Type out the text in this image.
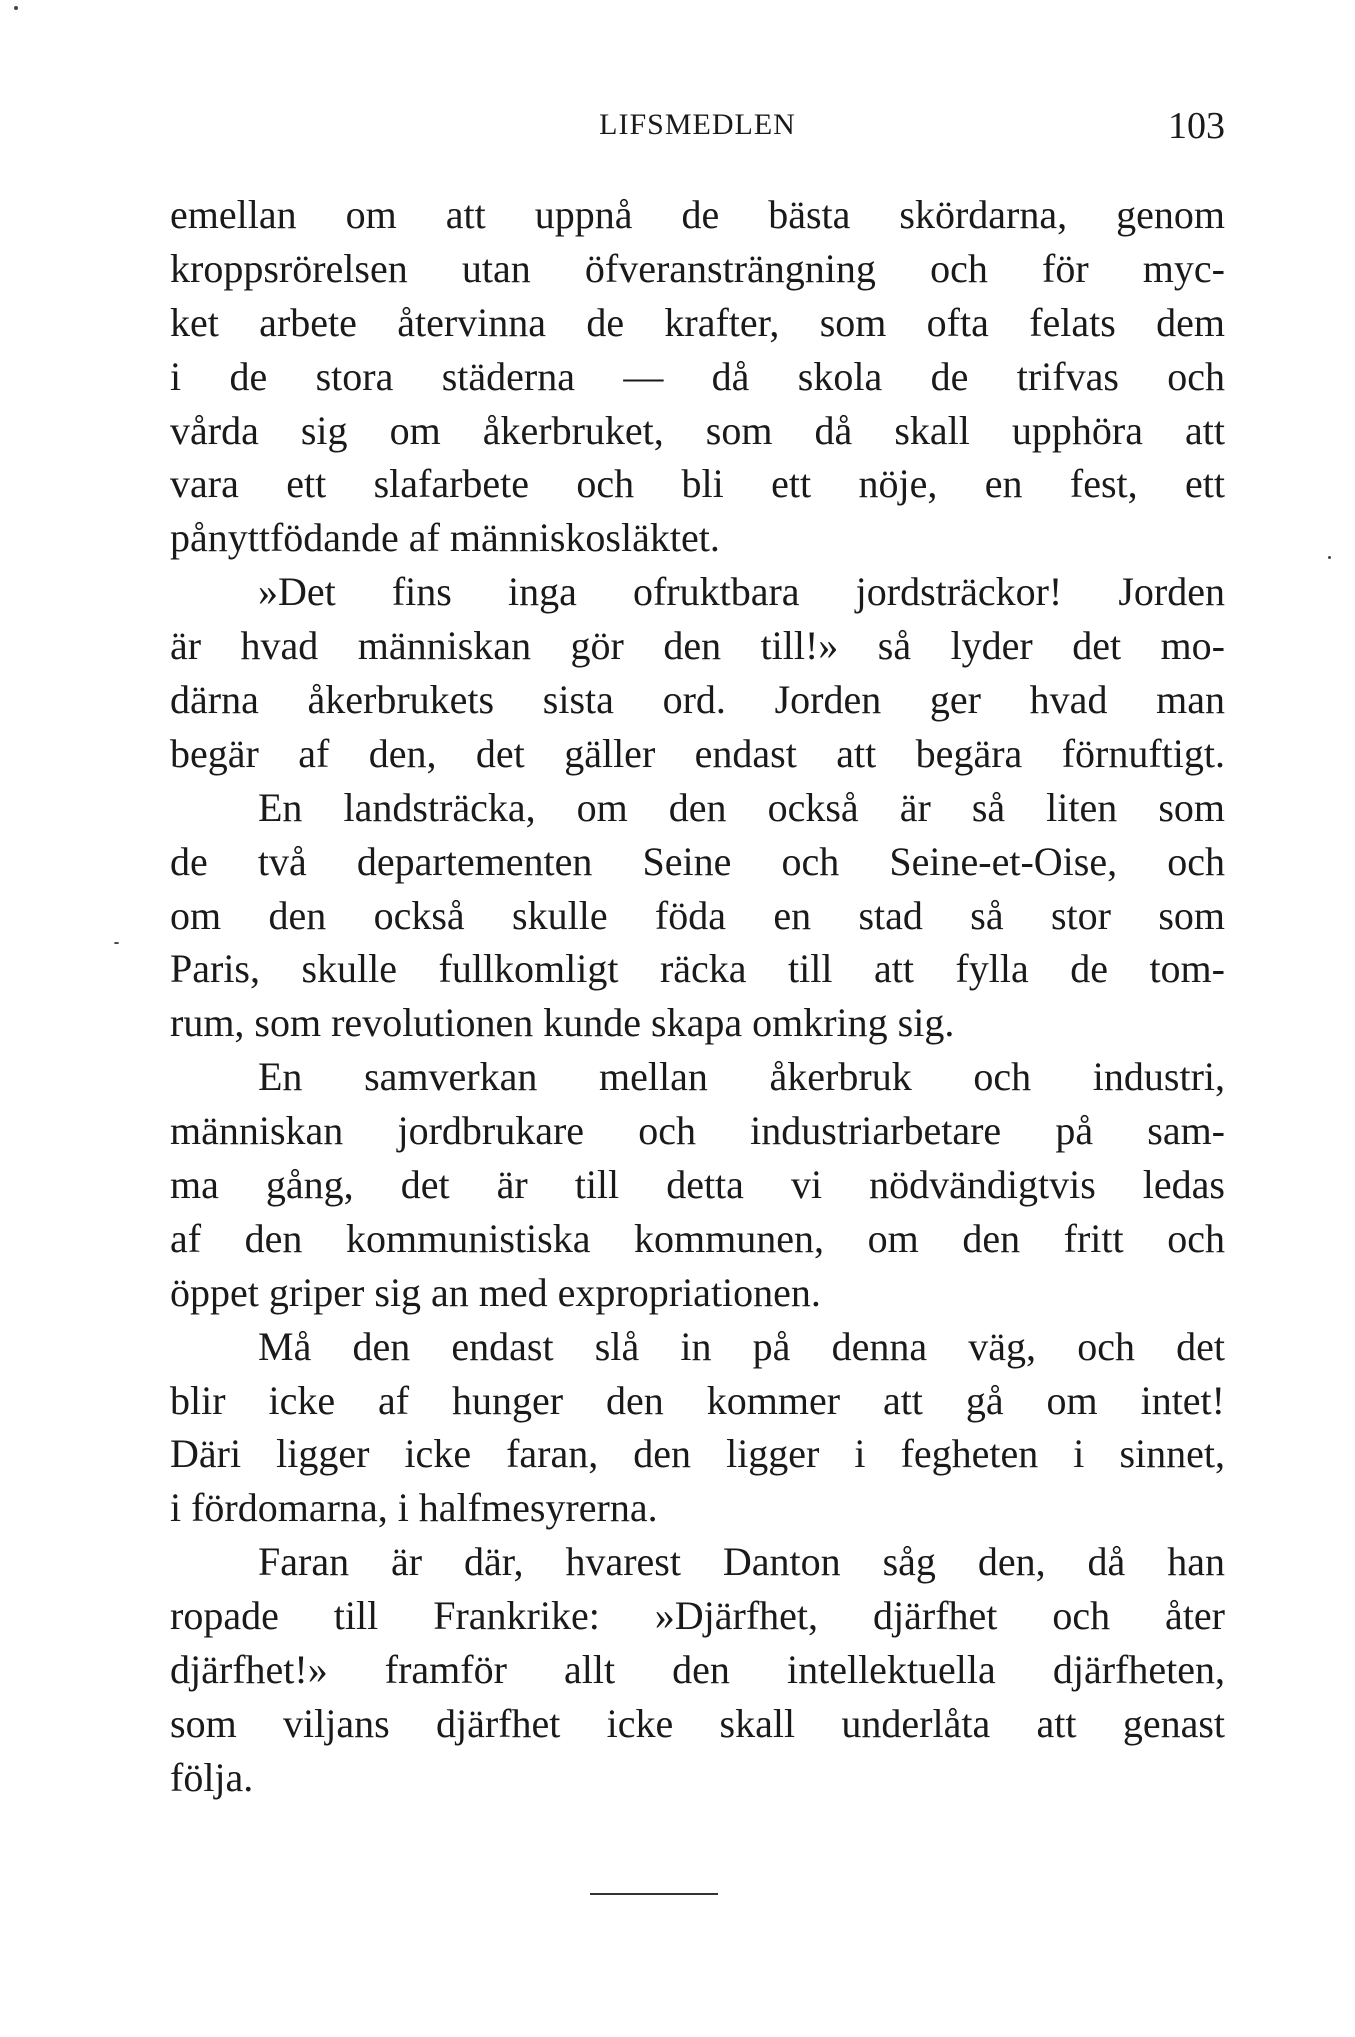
LIFSMEDLEN	103
emellan om att uppnå de bästa skördarna, genom
kroppsrörelsen utan öfveransträngning och för myc-
ket arbete återvinna de krafter, som ofta felats dem
i de stora städerna — då skola de trifvas och
vårda sig om åkerbruket, som då skall upphöra att
vara ett slafarbete och bli ett nöje, en fest, ett
pånyttfödande af människosläktet.
»Det fins inga ofruktbara jordsträckor! Jorden
är hvad människan gör den till!» så lyder det mo-
därna åkerbrukets sista ord. Jorden ger hvad man
begär af den, det gäller endast att begära förnuftigt.
En landsträcka, om den också är så liten som
de två departementen Seine och Seine-et-Oise, och
om den också skulle föda en stad så stor som
Paris, skulle fullkomligt räcka till att fylla de tom-
rum, som revolutionen kunde skapa omkring sig.
En samverkan mellan åkerbruk och industri,
människan jordbrukare och industriarbetare på sam-
ma gång, det är till detta vi nödvändigtvis ledas
af den kommunistiska kommunen, om den fritt och
öppet griper sig an med expropriationen.
Må den endast slå in på denna väg, och det
blir icke af hunger den kommer att gå om intet!
Däri ligger icke faran, den ligger i fegheten i sinnet,
i fördomarna, i halfmesyrerna.
Faran är där, hvarest Danton såg den, då han
ropade till Frankrike: »Djärfhet, djärfhet och åter
djärfhet!» framför allt den intellektuella djärfheten,
som viljans djärfhet icke skall underlåta att genast
följa.
